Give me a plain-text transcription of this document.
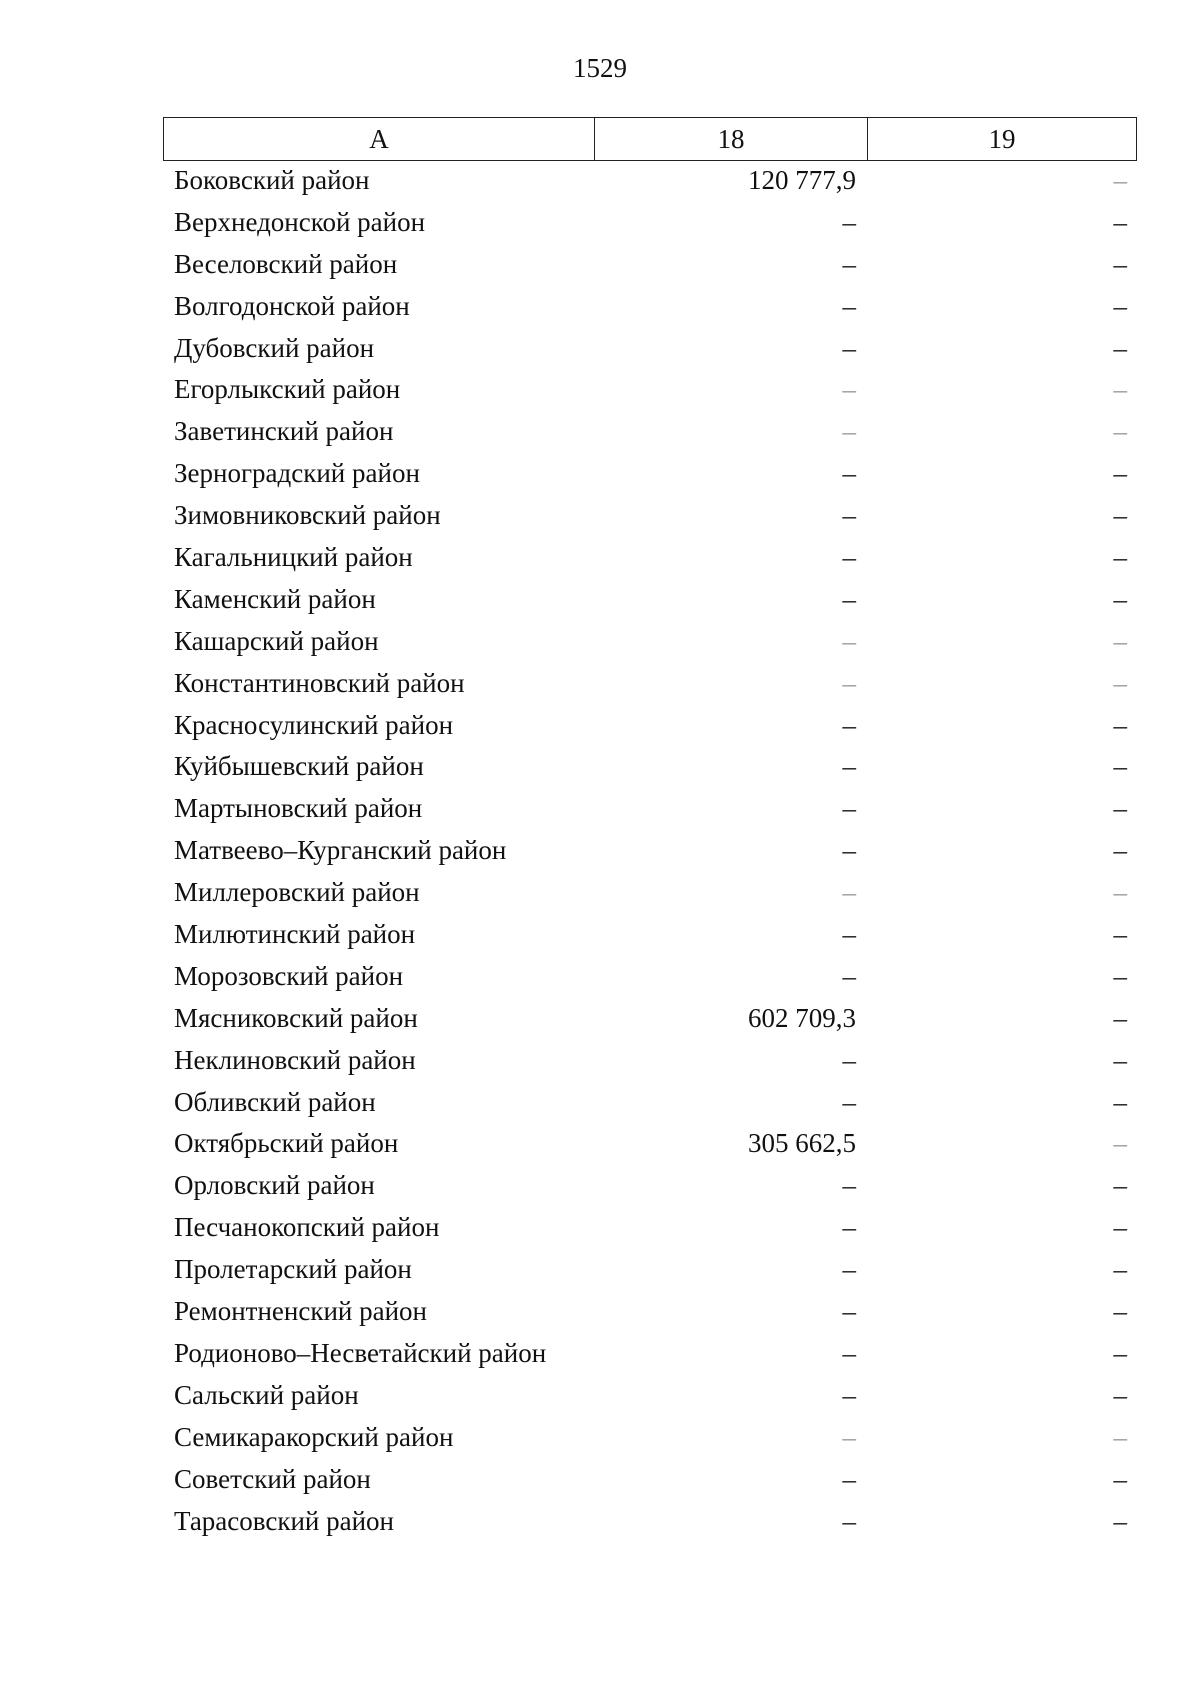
1529
А	18	19
Боковский район	120 777,9	–
Верхнедонской район	–	–
Веселовский район	–	–
Волгодонской район	–	–
Дубовский район	–	–
Егорлыкский район	–	–
Заветинский район	–	–
Зерноградский район	–	–
Зимовниковский район	–	–
Кагальницкий район	–	–
Каменский район	–	–
Кашарский район	–	–
Константиновский район	–	–
Красносулинский район	–	–
Куйбышевский район	–	–
Мартыновский район	–	–
Матвеево–Курганский район	–	–
Миллеровский район	–	–
Милютинский район	–	–
Морозовский район	–	–
Мясниковский район	602 709,3	–
Неклиновский район	–	–
Обливский район	–	–
Октябрьский район	305 662,5	–
Орловский район	–	–
Песчанокопский район	–	–
Пролетарский район	–	–
Ремонтненский район	–	–
Родионово–Несветайский район	–	–
Сальский район	–	–
Семикаракорский район	–	–
Советский район	–	–
Тарасовский район	–	–
